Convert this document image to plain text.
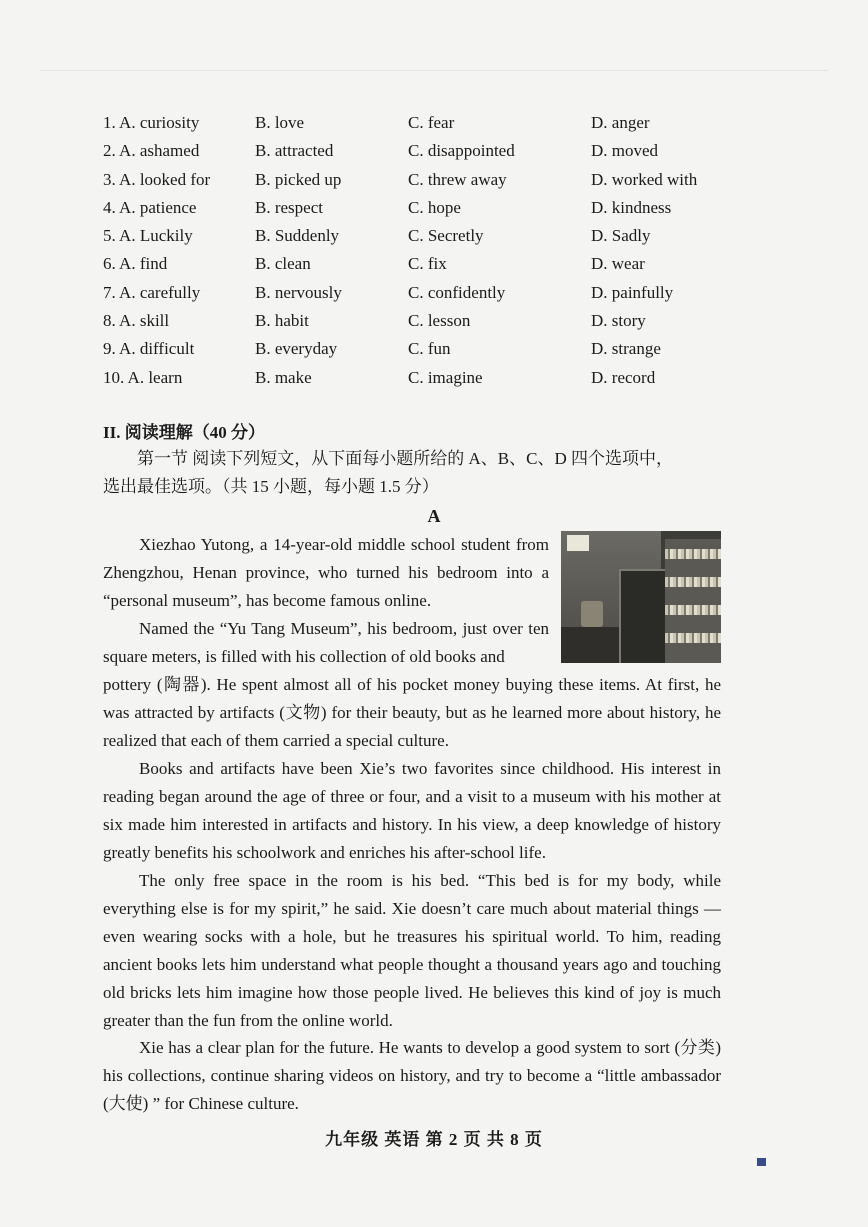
1. A. curiosity	B. love	C. fear	D. anger
2. A. ashamed	B. attracted	C. disappointed	D. moved
3. A. looked for	B. picked up	C. threw away	D. worked with
4. A. patience	B. respect	C. hope	D. kindness
5. A. Luckily	B. Suddenly	C. Secretly	D. Sadly
6. A. find	B. clean	C. fix	D. wear
7. A. carefully	B. nervously	C. confidently	D. painfully
8. A. skill	B. habit	C. lesson	D. story
9. A. difficult	B. everyday	C. fun	D. strange
10. A. learn	B. make	C. imagine	D. record
II. 阅读理解（40 分）
第一节 阅读下列短文，从下面每小题所给的 A、B、C、D 四个选项中，
选出最佳选项。（共 15 小题，每小题 1.5 分）
A

Xiezhao Yutong, a 14-year-old middle school student from Zhengzhou, Henan province, who turned his bedroom into a “personal museum”, has become famous online.

Named the “Yu Tang Museum”, his bedroom, just over ten square meters, is filled with his collection of old books and

pottery (陶器). He spent almost all of his pocket money buying these items. At first, he was attracted by artifacts (文物) for their beauty, but as he learned more about history, he realized that each of them carried a special culture.

Books and artifacts have been Xie’s two favorites since childhood. His interest in reading began around the age of three or four, and a visit to a museum with his mother at six made him interested in artifacts and history. In his view, a deep knowledge of history greatly benefits his schoolwork and enriches his after-school life.

The only free space in the room is his bed. “This bed is for my body, while everything else is for my spirit,” he said. Xie doesn’t care much about material things —even wearing socks with a hole, but he treasures his spiritual world. To him, reading ancient books lets him understand what people thought a thousand years ago and touching old bricks lets him imagine how those people lived. He believes this kind of joy is much greater than the fun from the online world.

Xie has a clear plan for the future. He wants to develop a good system to sort (分类) his collections, continue sharing videos on history, and try to become a “little ambassador (大使) ” for Chinese culture.

九年级 英语 第 2 页 共 8 页
